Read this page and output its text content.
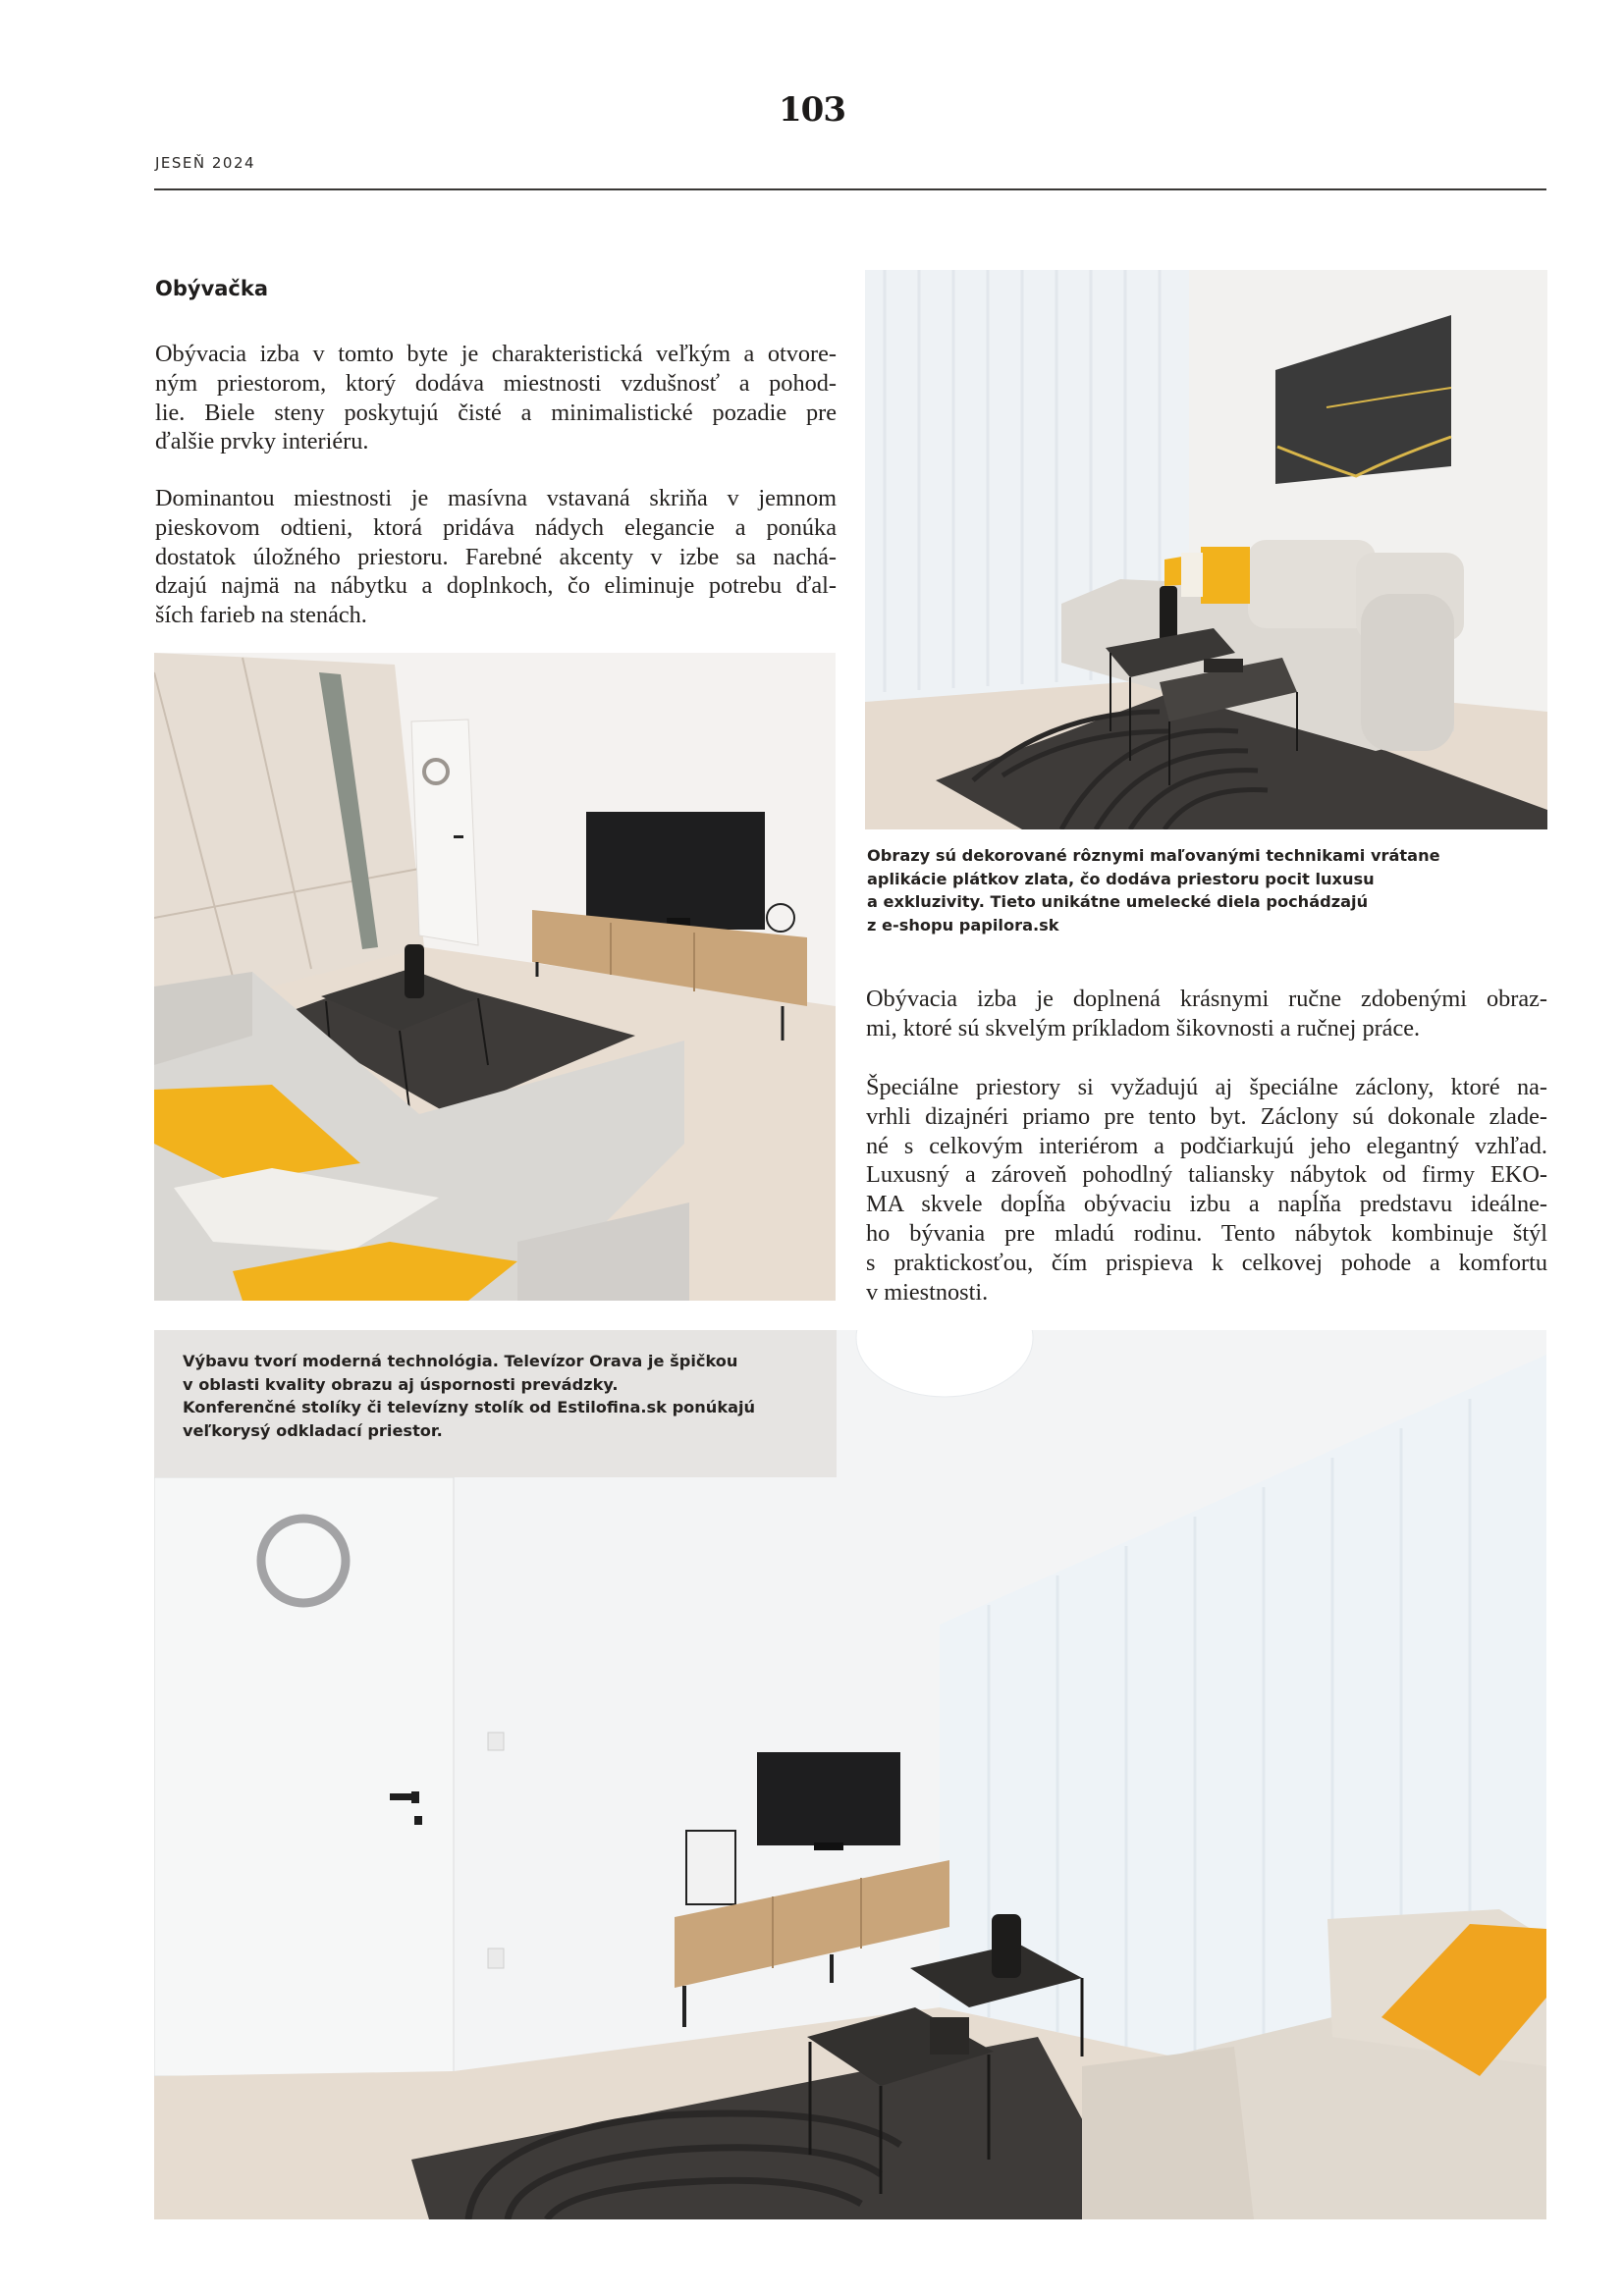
103
JESEŇ 2024
Obývačka

Obývacia izba v tomto byte je charakteristická veľkým a otvore-
ným priestorom, ktorý dodáva miestnosti vzdušnosť a pohod-
lie. Biele steny poskytujú čisté a minimalistické pozadie pre
ďalšie prvky interiéru.

Dominantou miestnosti je masívna vstavaná skriňa v jemnom
pieskovom odtieni, ktorá pridáva nádych elegancie a ponúka
dostatok úložného priestoru. Farebné akcenty v izbe sa nachá-
dzajú najmä na nábytku a doplnkoch, čo eliminuje potrebu ďal-
ších farieb na stenách.

Obrazy sú dekorované rôznymi maľovanými technikami vrátane
aplikácie plátkov zlata, čo dodáva priestoru pocit luxusu
a exkluzivity. Tieto unikátne umelecké diela pochádzajú
z e-shopu papilora.sk

Obývacia izba je doplnená krásnymi ručne zdobenými obraz-
mi, ktoré sú skvelým príkladom šikovnosti a ručnej práce.

Špeciálne priestory si vyžadujú aj špeciálne záclony, ktoré na-
vrhli dizajnéri priamo pre tento byt. Záclony sú dokonale zlade-
né s celkovým interiérom a podčiarkujú jeho elegantný vzhľad.
Luxusný a zároveň pohodlný taliansky nábytok od firmy EKO-
MA skvele dopĺňa obývaciu izbu a napĺňa predstavu ideálne-
ho bývania pre mladú rodinu. Tento nábytok kombinuje štýl
s praktickosťou, čím prispieva k celkovej pohode a komfortu
v miestnosti.

Výbavu tvorí moderná technológia. Televízor Orava je špičkou
v oblasti kvality obrazu aj úspornosti prevádzky.
Konferenčné stolíky či televízny stolík od Estilofina.sk ponúkajú
veľkorysý odkladací priestor.
